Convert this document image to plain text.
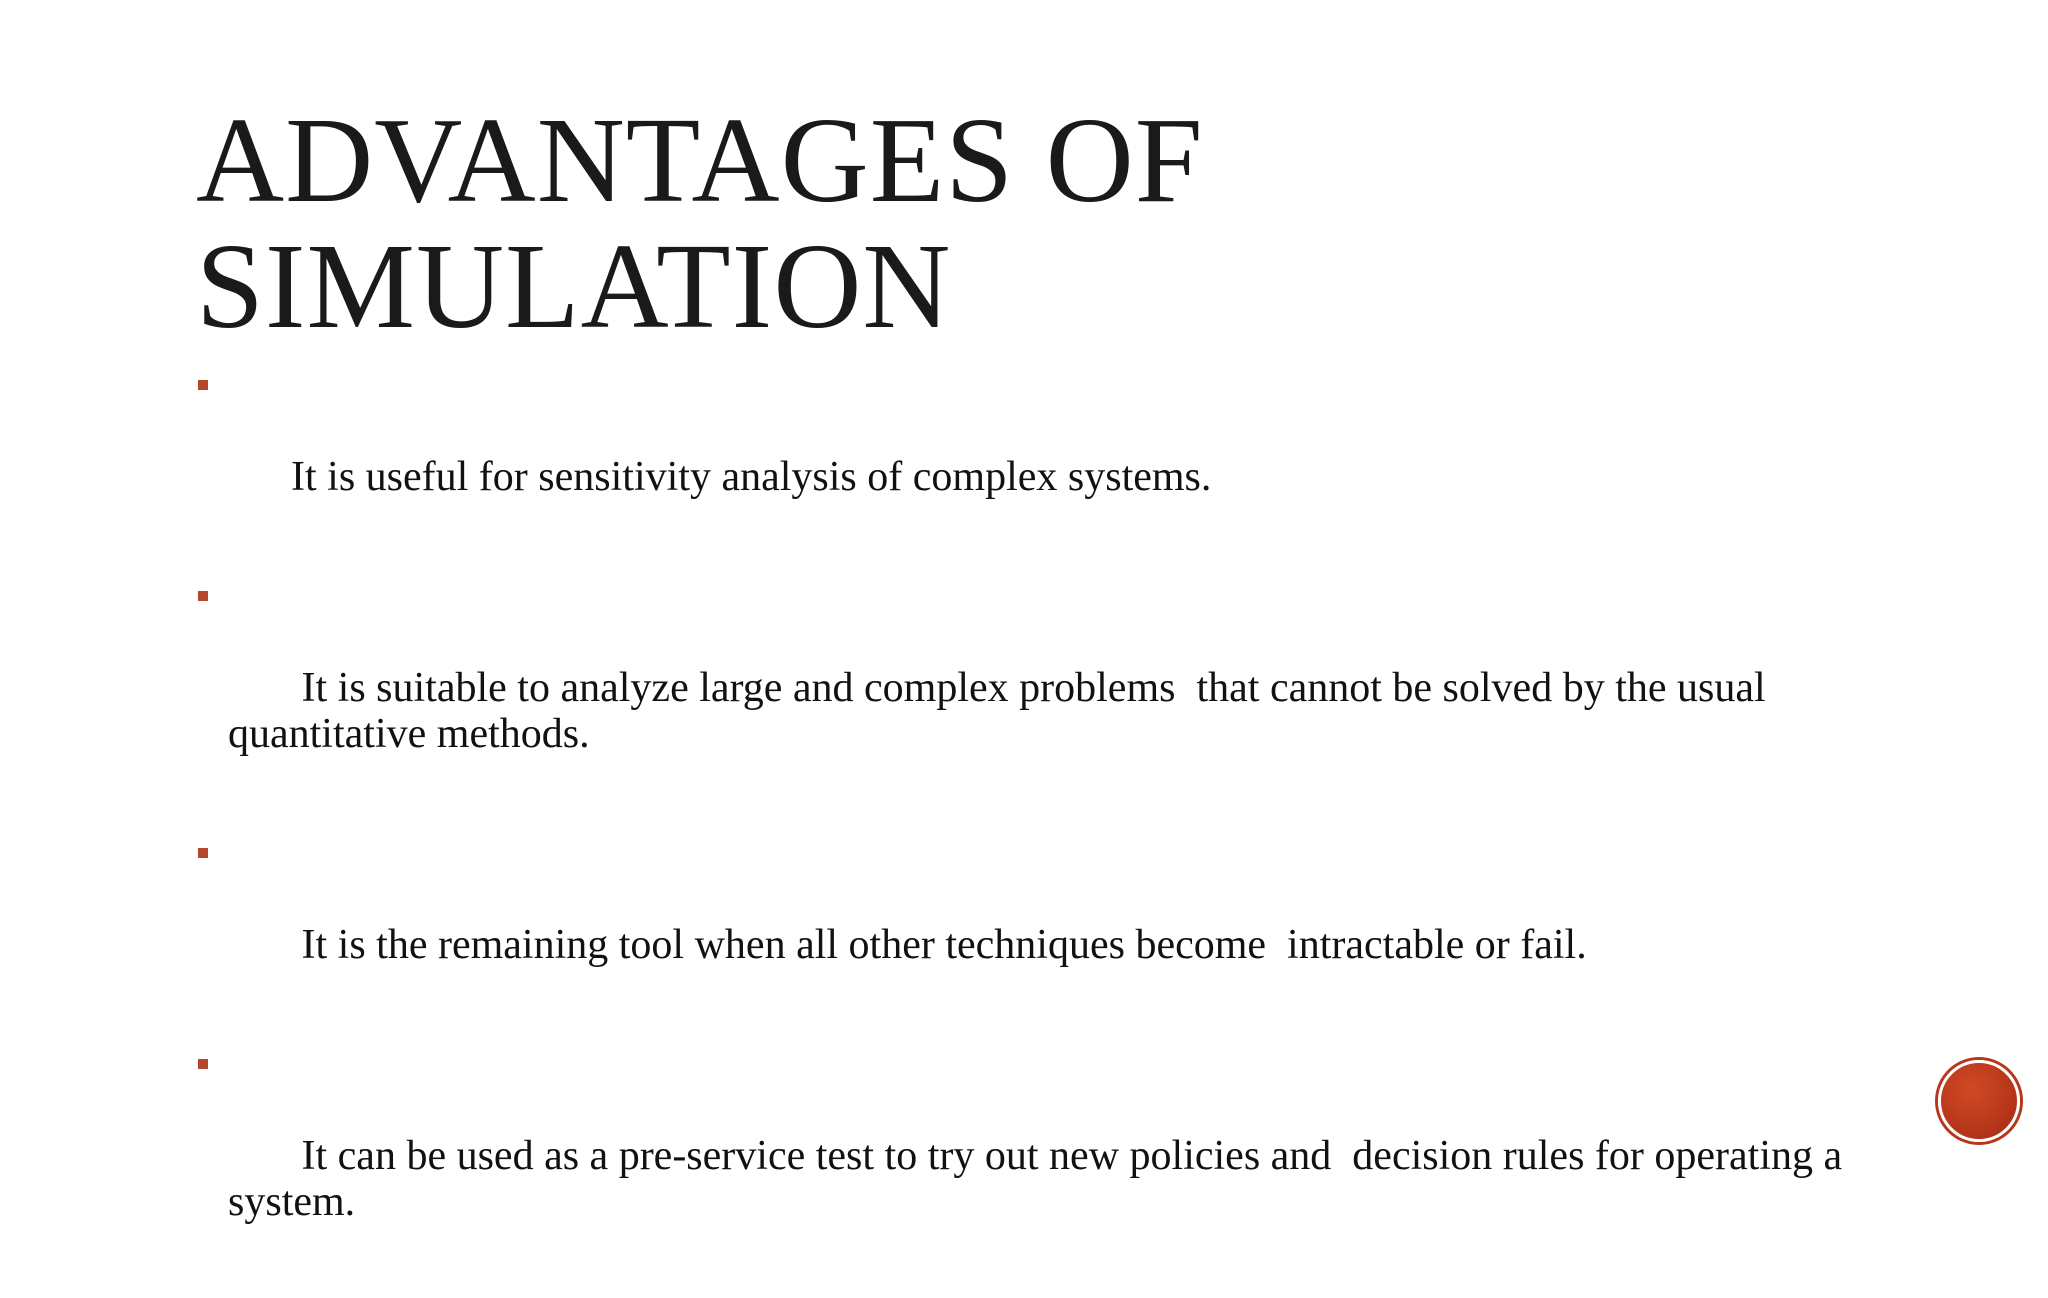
ADVANTAGES OF
SIMULATION

It is useful for sensitivity analysis of complex systems.

It is suitable to analyze large and complex problems  that cannot be solved by the usual quantitative methods.

It is the remaining tool when all other techniques become  intractable or fail.

It can be used as a pre-service test to try out new policies and  decision rules for operating a system.
